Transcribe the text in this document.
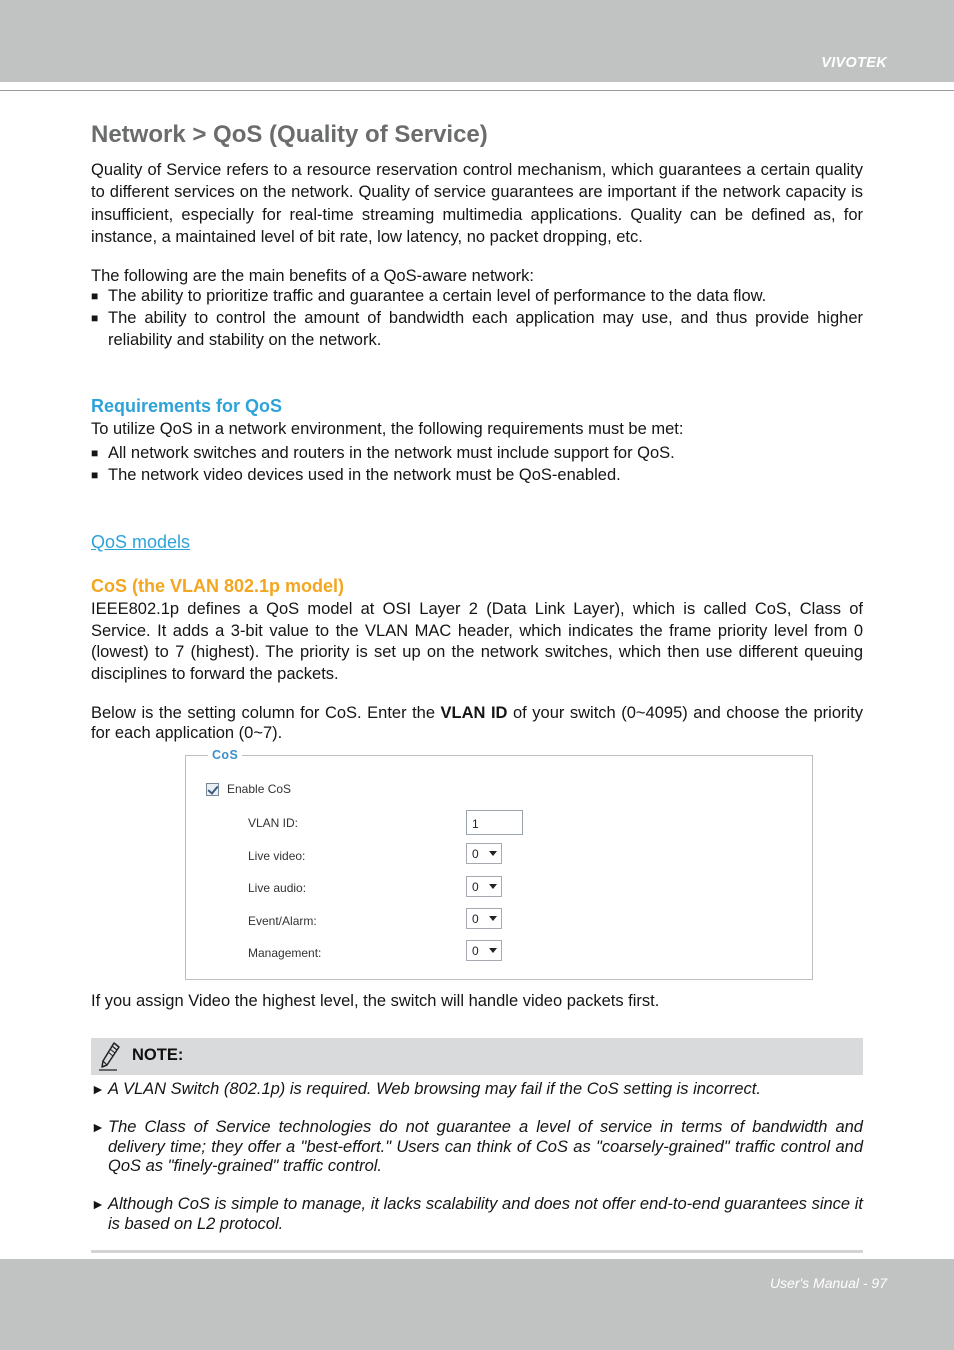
VIVOTEK
Network > QoS (Quality of Service)

Quality of Service refers to a resource reservation control mechanism, which guarantees a certain quality to different services on the network. Quality of service guarantees are important if the network capacity is insufficient, especially for real-time streaming multimedia applications. Quality can be defined as, for instance, a maintained level of bit rate, low latency, no packet dropping, etc.

The following are the main benefits of a QoS-aware network:

■ The ability to prioritize traffic and guarantee a certain level of performance to the data flow.
■ The ability to control the amount of bandwidth each application may use, and thus provide higher reliability and stability on the network.
Requirements for QoS

To utilize QoS in a network environment, the following requirements must be met:

■ All network switches and routers in the network must include support for QoS.
■ The network video devices used in the network must be QoS-enabled.
QoS models
CoS (the VLAN 802.1p model)

IEEE802.1p defines a QoS model at OSI Layer 2 (Data Link Layer), which is called CoS, Class of Service. It adds a 3-bit value to the VLAN MAC header, which indicates the frame priority level from 0 (lowest) to 7 (highest). The priority is set up on the network switches, which then use different queuing disciplines to forward the packets.

Below is the setting column for CoS. Enter the VLAN ID of your switch (0~4095) and choose the priority for each application (0~7).

If you assign Video the highest level, the switch will handle video packets first.

CoS
Enable CoS
VLAN ID:	1
Live video:	0
Live audio:	0
Event/Alarm:	0
Management:	0
NOTE:

► A VLAN Switch (802.1p) is required. Web browsing may fail if the CoS setting is incorrect.

► The Class of Service technologies do not guarantee a level of service in terms of bandwidth and delivery time; they offer a "best-effort." Users can think of CoS as "coarsely-grained" traffic control and QoS as "finely-grained" traffic control.

► Although CoS is simple to manage, it lacks scalability and does not offer end-to-end guarantees since it is based on L2 protocol.

User's Manual - 97
